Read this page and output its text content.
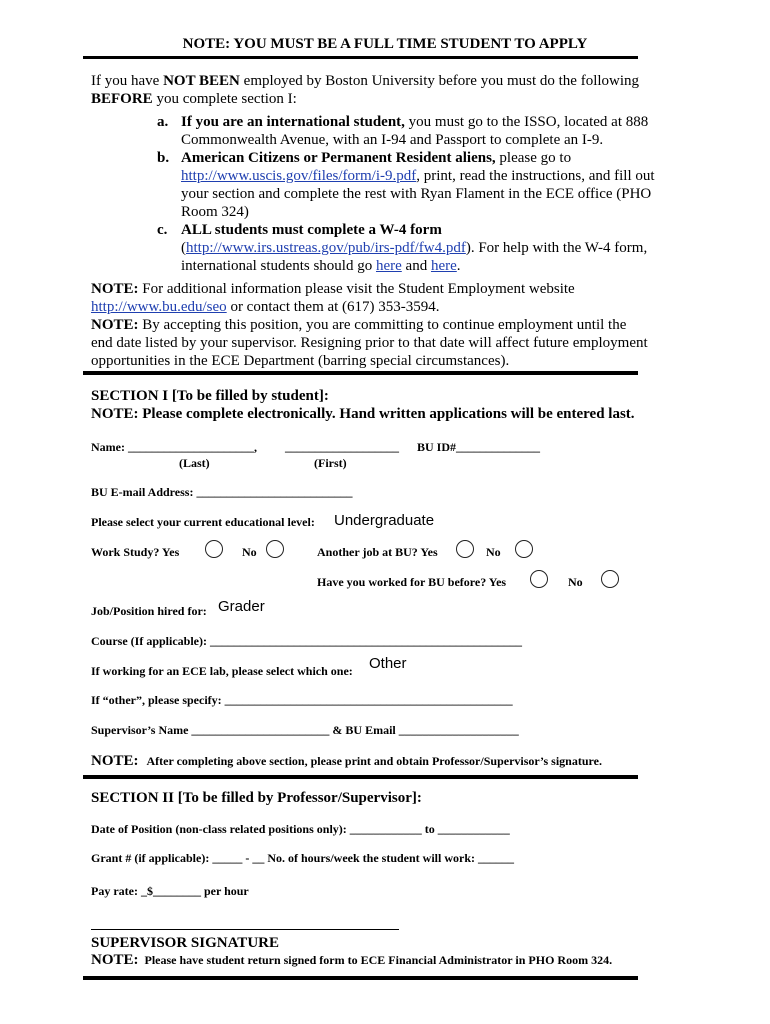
NOTE: YOU MUST BE A FULL TIME STUDENT TO APPLY
If you have NOT BEEN employed by Boston University before you must do the following
BEFORE you complete section I:
a. If you are an international student, you must go to the ISSO, located at 888 Commonwealth Avenue, with an I-94 and Passport to complete an I-9.
b. American Citizens or Permanent Resident aliens, please go to http://www.uscis.gov/files/form/i-9.pdf, print, read the instructions, and fill out your section and complete the rest with Ryan Flament in the ECE office (PHO Room 324)
c. ALL students must complete a W-4 form (http://www.irs.ustreas.gov/pub/irs-pdf/fw4.pdf). For help with the W-4 form, international students should go here and here.
NOTE: For additional information please visit the Student Employment website http://www.bu.edu/seo or contact them at (617) 353-3594.
NOTE: By accepting this position, you are committing to continue employment until the end date listed by your supervisor. Resigning prior to that date will affect future employment opportunities in the ECE Department (barring special circumstances).
SECTION I [To be filled by student]:
NOTE: Please complete electronically. Hand written applications will be entered last.
Name: _____________________, ___________________ BU ID#______________
(Last)	(First)
BU E-mail Address: __________________________
Please select your current educational level: Undergraduate
Work Study? Yes	No	Another job at BU? Yes	No
Have you worked for BU before? Yes	No
Job/Position hired for: Grader
Course (If applicable): ____________________________________________________
If working for an ECE lab, please select which one: Other
If “other”, please specify: ________________________________________________
Supervisor’s Name _______________________ & BU Email ____________________
NOTE: After completing above section, please print and obtain Professor/Supervisor’s signature.
SECTION II [To be filled by Professor/Supervisor]:
Date of Position (non-class related positions only): ____________ to ____________
Grant # (if applicable): _____ - __ No. of hours/week the student will work: ______
Pay rate: _$________ per hour
SUPERVISOR SIGNATURE
NOTE: Please have student return signed form to ECE Financial Administrator in PHO Room 324.
